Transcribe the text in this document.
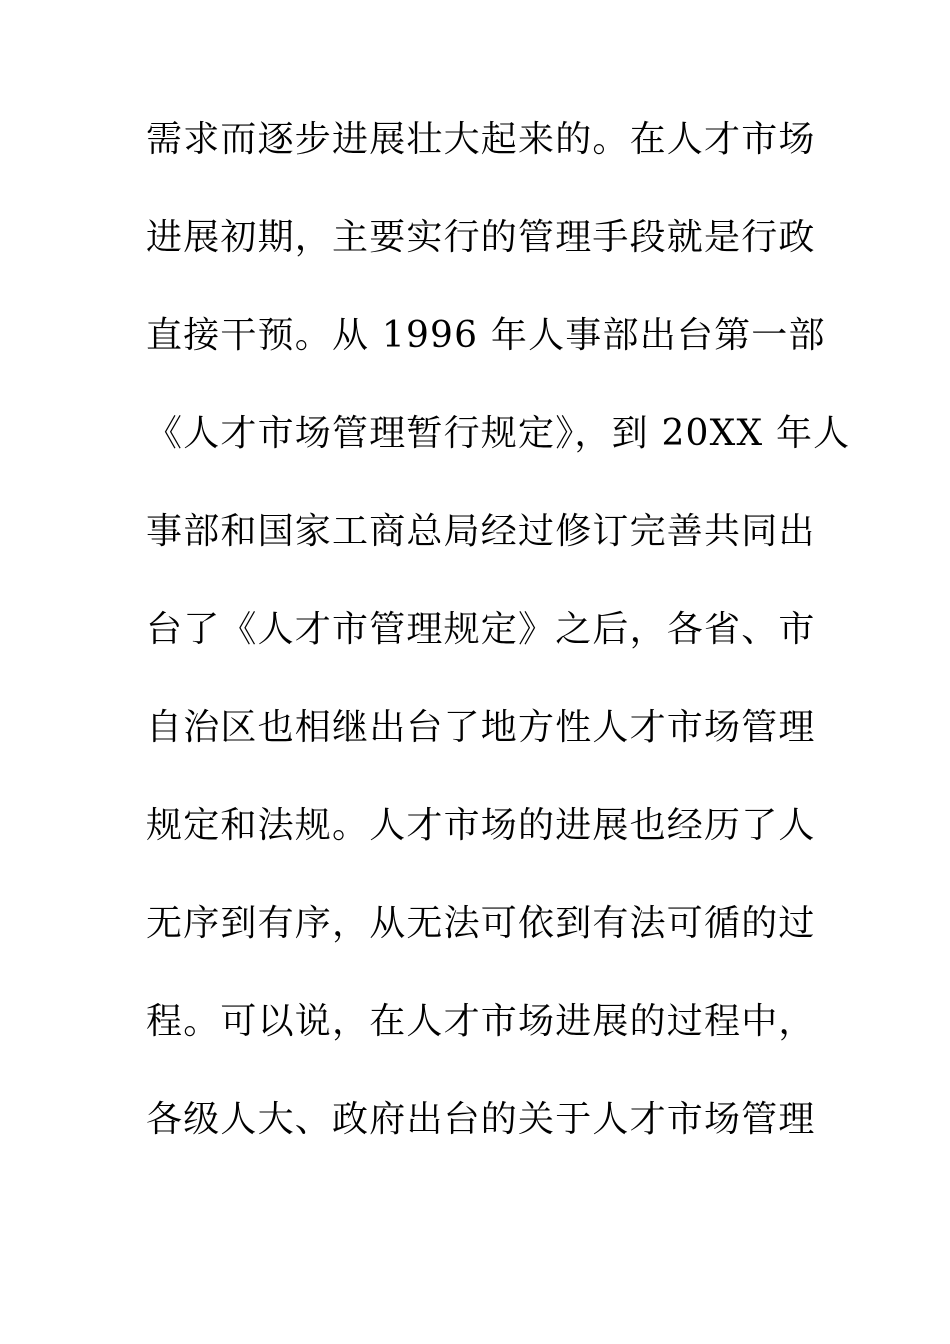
需求而逐步进展壮大起来的。在人才市场
进展初期，主要实行的管理手段就是行政
直接干预。从 1996 年人事部出台第一部
《人才市场管理暂行规定》，到 20XX 年人
事部和国家工商总局经过修订完善共同出
台了《人才市管理规定》之后，各省、市
自治区也相继出台了地方性人才市场管理
规定和法规。人才市场的进展也经历了人
无序到有序，从无法可依到有法可循的过
程。可以说，在人才市场进展的过程中，
各级人大、政府出台的关于人才市场管理
